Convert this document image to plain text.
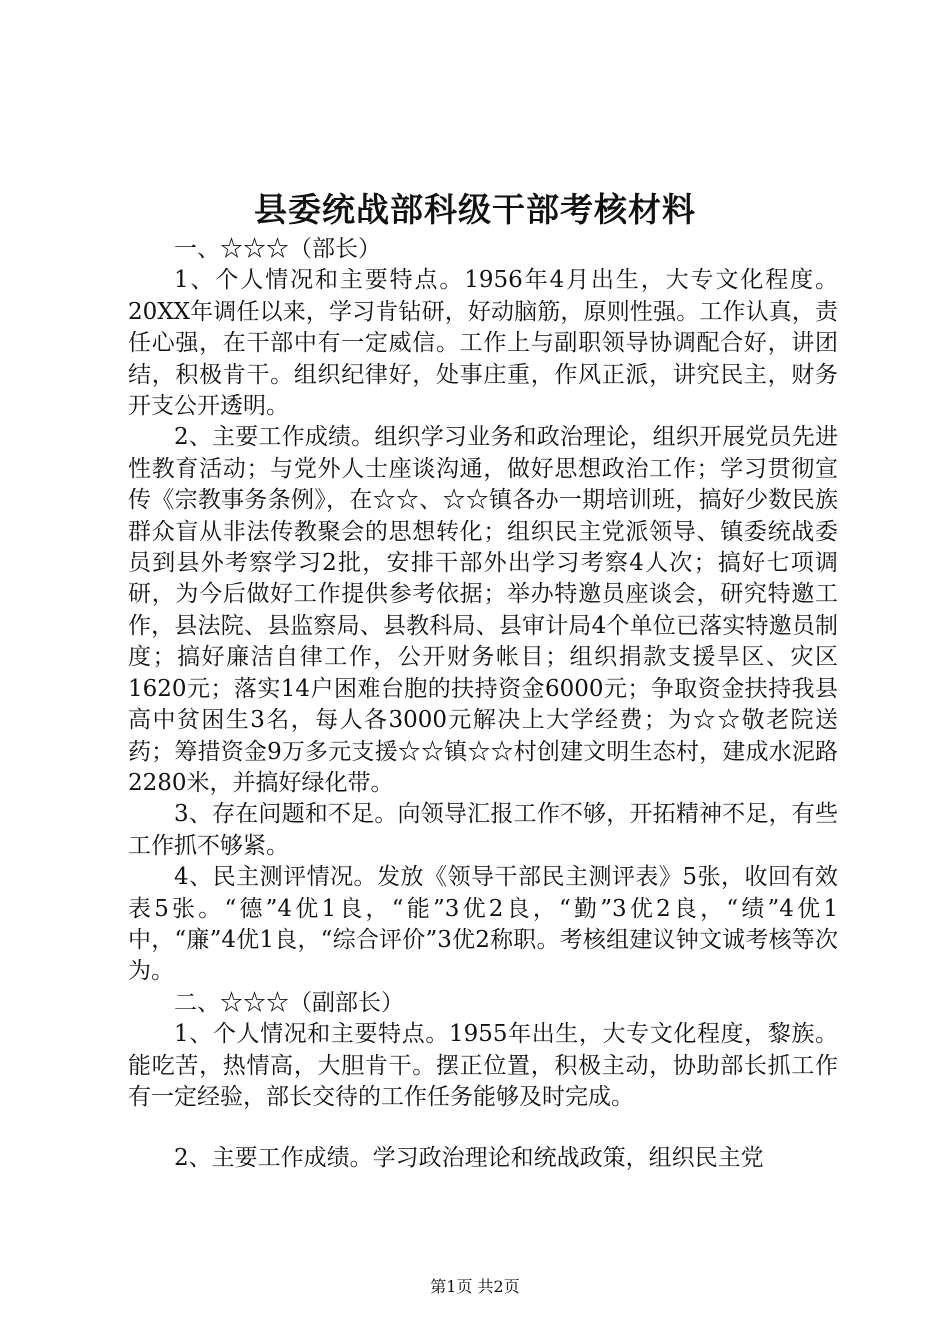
县委统战部科级干部考核材料

一、☆☆☆（部长）

1、个人情况和主要特点。1956年4月出生，大专文化程度。20XX年调任以来，学习肯钻研，好动脑筋，原则性强。工作认真，责任心强，在干部中有一定威信。工作上与副职领导协调配合好，讲团结，积极肯干。组织纪律好，处事庄重，作风正派，讲究民主，财务开支公开透明。

2、主要工作成绩。组织学习业务和政治理论，组织开展党员先进性教育活动；与党外人士座谈沟通，做好思想政治工作；学习贯彻宣传《宗教事务条例》，在☆☆、☆☆镇各办一期培训班，搞好少数民族群众盲从非法传教聚会的思想转化；组织民主党派领导、镇委统战委员到县外考察学习2批，安排干部外出学习考察4人次；搞好七项调研，为今后做好工作提供参考依据；举办特邀员座谈会，研究特邀工作，县法院、县监察局、县教科局、县审计局4个单位已落实特邀员制度；搞好廉洁自律工作，公开财务帐目；组织捐款支援旱区、灾区1620元；落实14户困难台胞的扶持资金6000元；争取资金扶持我县高中贫困生3名，每人各3000元解决上大学经费；为☆☆敬老院送药；筹措资金9万多元支援☆☆镇☆☆村创建文明生态村，建成水泥路2280米，并搞好绿化带。

3、存在问题和不足。向领导汇报工作不够，开拓精神不足，有些工作抓不够紧。

4、民主测评情况。发放《领导干部民主测评表》5张，收回有效表5张。“德”4优1良，“能”3优2良，“勤”3优2良，“绩”4优1中，“廉”4优1良，“综合评价”3优2称职。考核组建议钟文诚考核等次为。

二、☆☆☆（副部长）

1、个人情况和主要特点。1955年出生，大专文化程度，黎族。能吃苦，热情高，大胆肯干。摆正位置，积极主动，协助部长抓工作有一定经验，部长交待的工作任务能够及时完成。

2、主要工作成绩。学习政治理论和统战政策，组织民主党

第1页 共2页
